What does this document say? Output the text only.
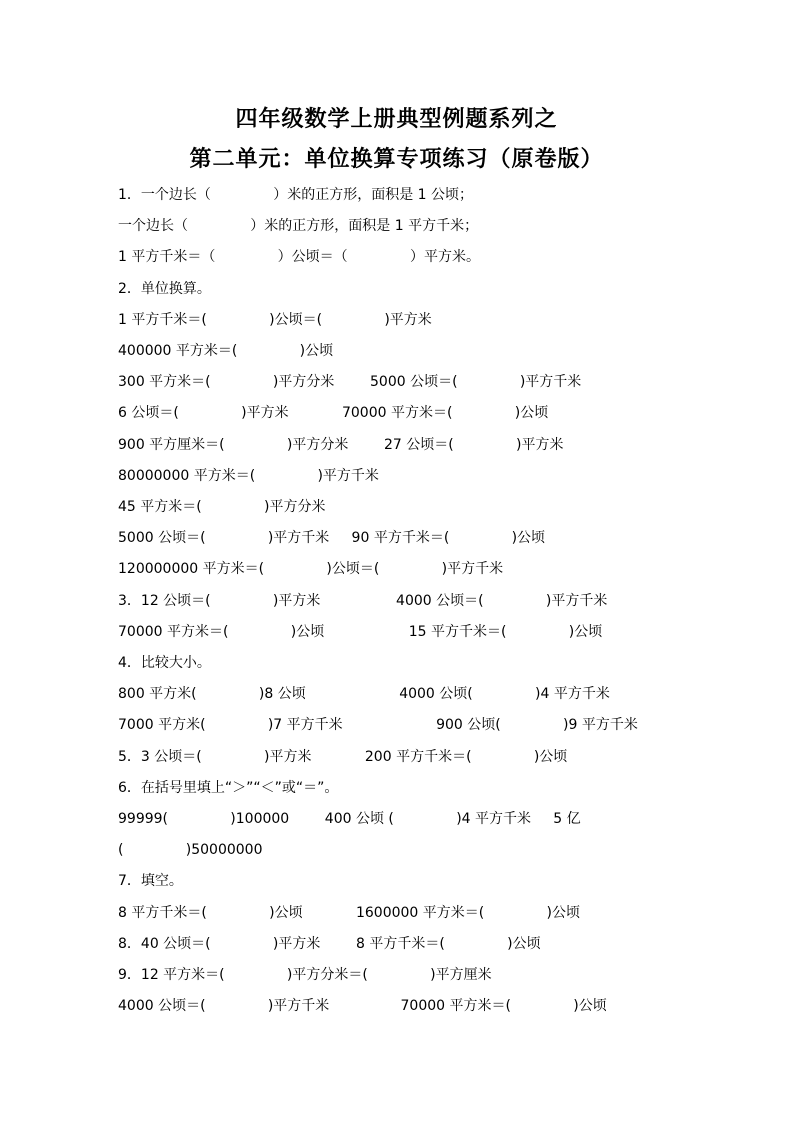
四年级数学上册典型例题系列之
第二单元：单位换算专项练习（原卷版）
1．一个边长（              ）米的正方形，面积是 1 公顷；
一个边长（              ）米的正方形，面积是 1 平方千米；
1 平方千米＝（              ）公顷＝（              ）平方米。
2．单位换算。
1 平方千米＝(              )公顷＝(              )平方米
400000 平方米＝(              )公顷
300 平方米＝(              )平方分米        5000 公顷＝(              )平方千米
6 公顷＝(              )平方米            70000 平方米＝(              )公顷
900 平方厘米＝(              )平方分米        27 公顷＝(              )平方米
80000000 平方米＝(              )平方千米
45 平方米＝(              )平方分米
5000 公顷＝(              )平方千米     90 平方千米＝(              )公顷
120000000 平方米＝(              )公顷＝(              )平方千米
3．12 公顷＝(              )平方米                 4000 公顷＝(              )平方千米
70000 平方米＝(              )公顷                   15 平方千米＝(              )公顷
4．比较大小。
800 平方米(              )8 公顷                     4000 公顷(              )4 平方千米
7000 平方米(              )7 平方千米                     900 公顷(              )9 平方千米
5．3 公顷＝(              )平方米            200 平方千米＝(              )公顷
6．在括号里填上“＞”“＜”或“＝”。
99999(              )100000        400 公顷 (              )4 平方千米     5 亿
(              )50000000
7．填空。
8 平方千米＝(              )公顷            1600000 平方米＝(              )公顷
8．40 公顷＝(              )平方米        8 平方千米＝(              )公顷
9．12 平方米＝(              )平方分米＝(              )平方厘米
4000 公顷＝(              )平方千米                70000 平方米＝(              )公顷
